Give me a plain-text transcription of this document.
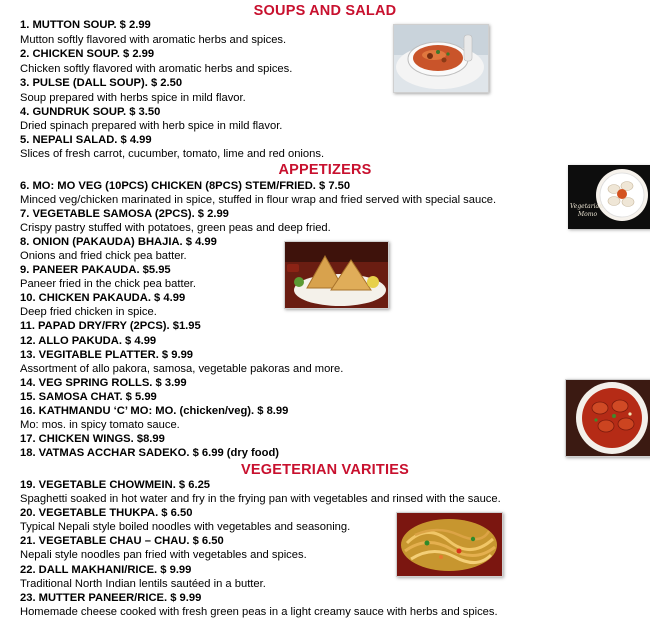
SOUPS AND SALAD
APPETIZERS
VEGETERIAN VARITIES
1. MUTTON SOUP. $ 2.99
Mutton softly flavored with aromatic herbs and spices.
2. CHICKEN SOUP. $ 2.99
Chicken softly flavored with aromatic herbs and spices.
3. PULSE (DALL SOUP). $ 2.50
Soup prepared with herbs spice in mild flavor.
4. GUNDRUK SOUP. $ 3.50
Dried spinach prepared with herb spice in mild flavor.
5. NEPALI SALAD. $ 4.99
Slices of fresh carrot, cucumber, tomato, lime and red onions.
6. MO: MO VEG (10PCS) CHICKEN (8PCS) STEM/FRIED. $ 7.50
Minced veg/chicken marinated in spice, stuffed in flour wrap and fried served with special sauce.
7. VEGETABLE SAMOSA (2PCS). $ 2.99
Crispy pastry stuffed with potatoes, green peas and deep fried.
8. ONION (PAKAUDA) BHAJIA. $ 4.99
Onions and fried chick pea batter.
9. PANEER PAKAUDA. $5.95
Paneer fried in the chick pea batter.
10. CHICKEN PAKAUDA. $ 4.99
Deep fried chicken in spice.
11. PAPAD DRY/FRY (2PCS). $1.95
12. ALLO PAKUDA. $ 4.99
13. VEGITABLE PLATTER. $ 9.99
Assortment of allo pakora, samosa, vegetable pakoras and more.
14. VEG SPRING ROLLS. $ 3.99
15. SAMOSA CHAT. $ 5.99
16. KATHMANDU ‘C’ MO: MO. (chicken/veg). $ 8.99
Mo: mos. in spicy tomato sauce.
17. CHICKEN WINGS. $8.99
18. VATMAS ACCHAR SADEKO. $ 6.99 (dry food)
19. VEGETABLE CHOWMEIN. $ 6.25
Spaghetti soaked in hot water and fry in the frying pan with vegetables and rinsed with the sauce.
20. VEGETABLE THUKPA. $ 6.50
Typical Nepali style boiled noodles with vegetables and seasoning.
21. VEGETABLE CHAU – CHAU. $ 6.50
Nepali style noodles pan fried with vegetables and spices.
22. DALL MAKHANI/RICE. $ 9.99
Traditional North Indian lentils sautéed in a butter.
23. MUTTER PANEER/RICE. $ 9.99
Homemade cheese cooked with fresh green peas in a light creamy sauce with herbs and spices.
Vegetarian
Momo
